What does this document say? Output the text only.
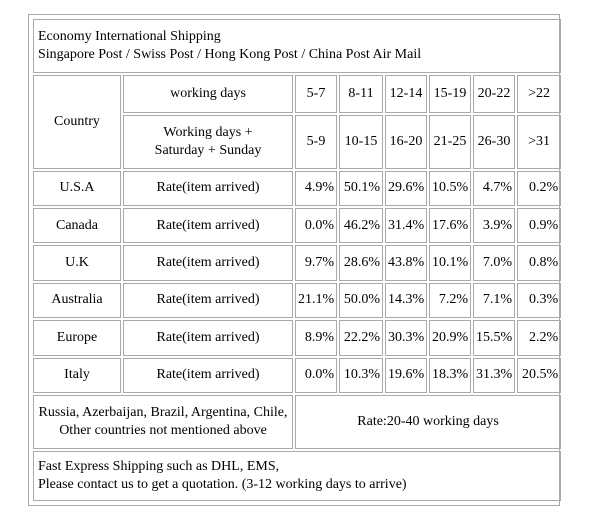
Economy International Shipping
Singapore Post / Swiss Post / Hong Kong Post / China Post Air Mail							

Country	working days	5-7	8-11	12-14	15-19	20-22	>22

	Working days +
Saturday + Sunday	5-9	10-15	16-20	21-25	26-30	>31
U.S.A	Rate(item arrived)	4.9%	50.1%	29.6%	10.5%	4.7%	0.2%
Canada	Rate(item arrived)	0.0%	46.2%	31.4%	17.6%	3.9%	0.9%
U.K	Rate(item arrived)	9.7%	28.6%	43.8%	10.1%	7.0%	0.8%
Australia	Rate(item arrived)	21.1%	50.0%	14.3%	7.2%	7.1%	0.3%
Europe	Rate(item arrived)	8.9%	22.2%	30.3%	20.9%	15.5%	2.2%
Italy	Rate(item arrived)	0.0%	10.3%	19.6%	18.3%	31.3%	20.5%

Russia, Azerbaijan, Brazil, Argentina, Chile,
Other countries not mentioned above		Rate:20-40 working days					

Fast Express Shipping such as DHL, EMS,
Please contact us to get a quotation. (3-12 working days to arrive)							
